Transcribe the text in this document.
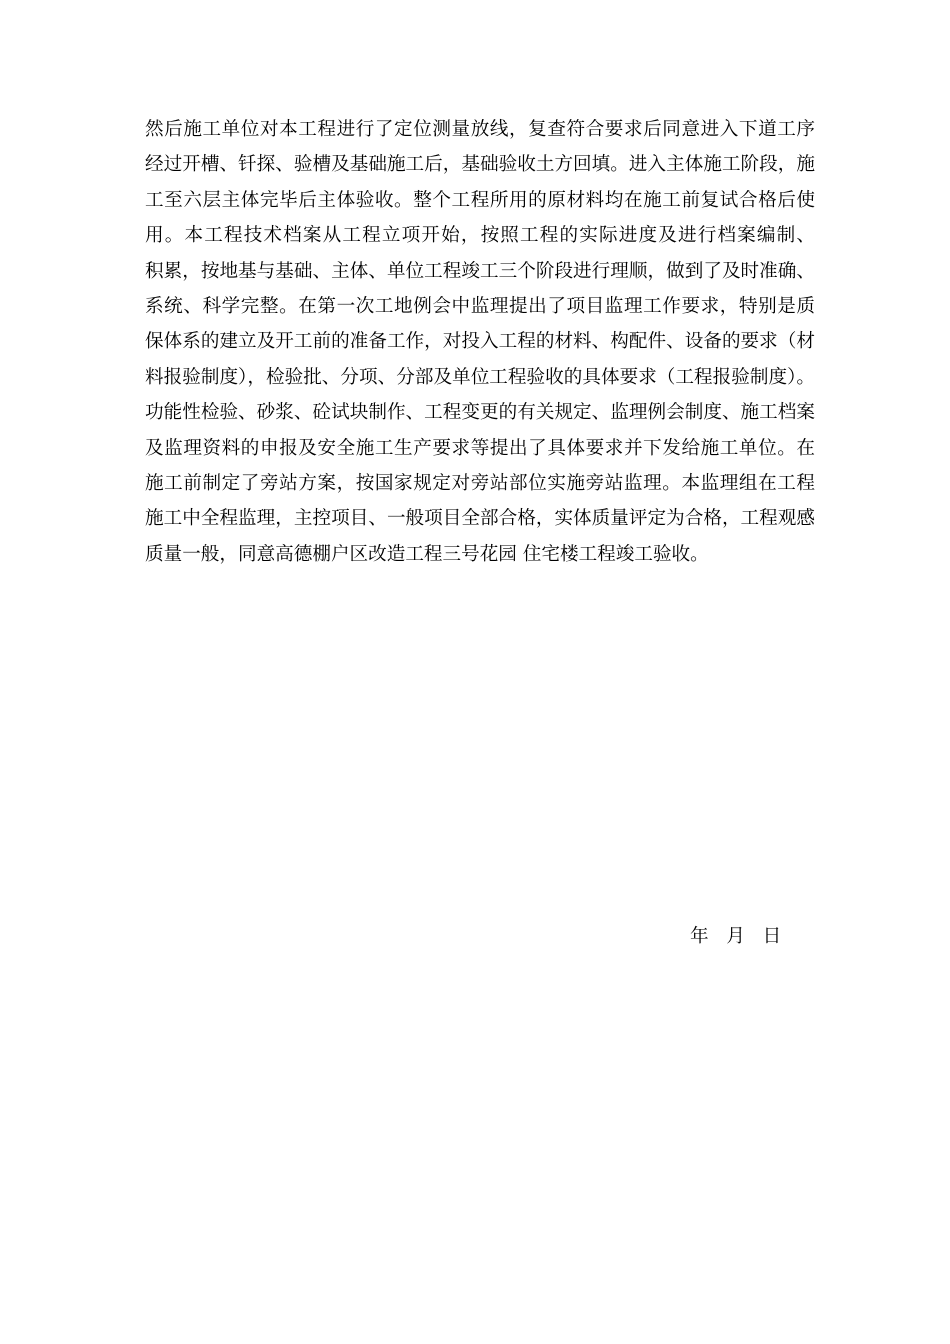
然后施工单位对本工程进行了定位测量放线，复查符合要求后同意进入下道工序
经过开槽、钎探、验槽及基础施工后，基础验收土方回填。进入主体施工阶段，施
工至六层主体完毕后主体验收。整个工程所用的原材料均在施工前复试合格后使
用。本工程技术档案从工程立项开始，按照工程的实际进度及进行档案编制、
积累，按地基与基础、主体、单位工程竣工三个阶段进行理顺，做到了及时准确、
系统、科学完整。在第一次工地例会中监理提出了项目监理工作要求，特别是质
保体系的建立及开工前的准备工作，对投入工程的材料、构配件、设备的要求（材
料报验制度），检验批、分项、分部及单位工程验收的具体要求（工程报验制度）。
功能性检验、砂浆、砼试块制作、工程变更的有关规定、监理例会制度、施工档案
及监理资料的申报及安全施工生产要求等提出了具体要求并下发给施工单位。在
施工前制定了旁站方案，按国家规定对旁站部位实施旁站监理。本监理组在工程
施工中全程监理，主控项目、一般项目全部合格，实体质量评定为合格，工程观感
质量一般，同意高德棚户区改造工程三号花园 住宅楼工程竣工验收。
年   月   日
